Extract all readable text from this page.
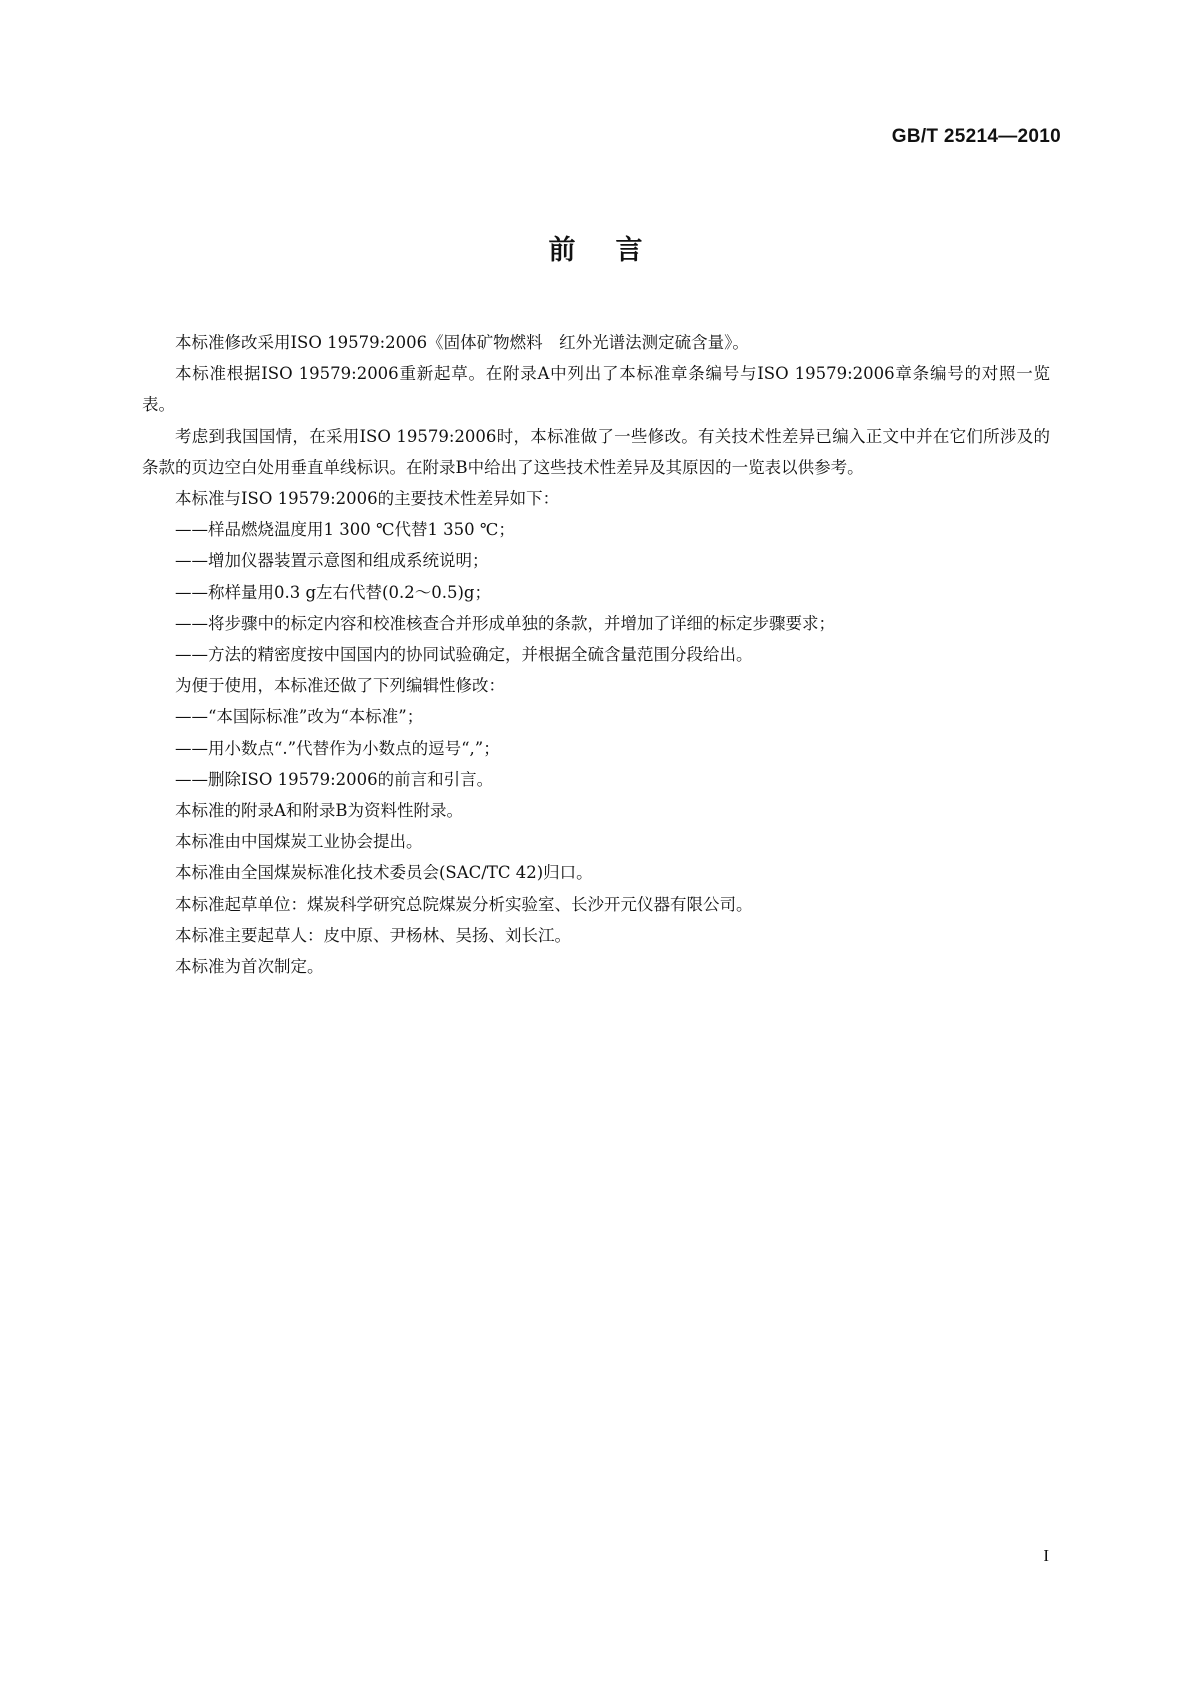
GB/T 25214—2010
前言

本标准修改采用ISO 19579:2006《固体矿物燃料　红外光谱法测定硫含量》。

本标准根据ISO 19579:2006重新起草。在附录A中列出了本标准章条编号与ISO 19579:2006章条编号的对照一览表。

考虑到我国国情，在采用ISO 19579:2006时，本标准做了一些修改。有关技术性差异已编入正文中并在它们所涉及的条款的页边空白处用垂直单线标识。在附录B中给出了这些技术性差异及其原因的一览表以供参考。

本标准与ISO 19579:2006的主要技术性差异如下：

——样品燃烧温度用1 300 ℃代替1 350 ℃；

——增加仪器装置示意图和组成系统说明；

——称样量用0.3 g左右代替(0.2～0.5)g；

——将步骤中的标定内容和校准核查合并形成单独的条款，并增加了详细的标定步骤要求；

——方法的精密度按中国国内的协同试验确定，并根据全硫含量范围分段给出。

为便于使用，本标准还做了下列编辑性修改：

——“本国际标准”改为“本标准”；

——用小数点“.”代替作为小数点的逗号“,”；

——删除ISO 19579:2006的前言和引言。

本标准的附录A和附录B为资料性附录。

本标准由中国煤炭工业协会提出。

本标准由全国煤炭标准化技术委员会(SAC/TC 42)归口。

本标准起草单位：煤炭科学研究总院煤炭分析实验室、长沙开元仪器有限公司。

本标准主要起草人：皮中原、尹杨林、吴扬、刘长江。

本标准为首次制定。

I
